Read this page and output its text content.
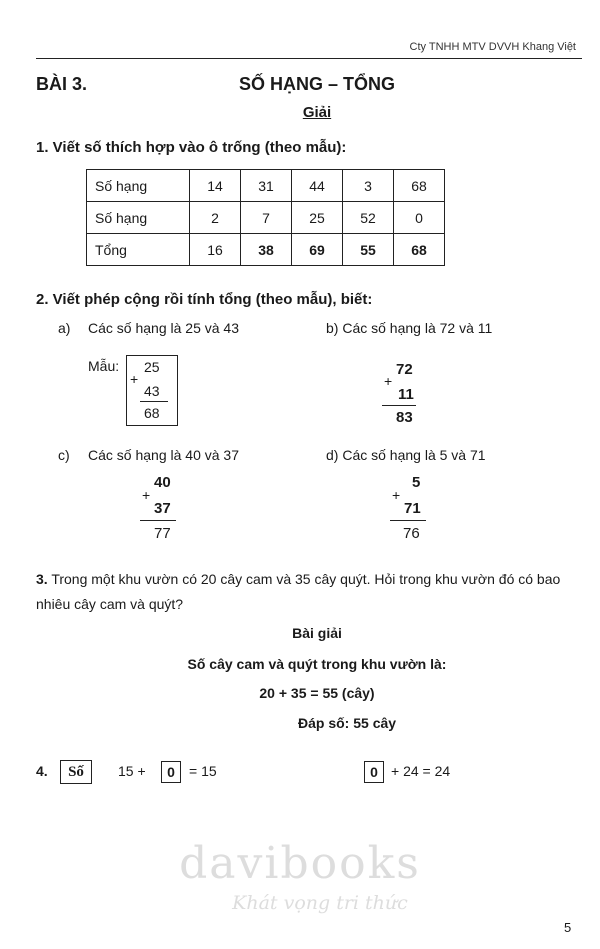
Cty TNHH MTV DVVH Khang Việt
BÀI 3.	SỐ HẠNG – TỔNG
Giải
1. Viết số thích hợp vào ô trống (theo mẫu):
Số hạng	14	31	44	3	68
Số hạng	2	7	25	52	0
Tổng	16	38	69	55	68
2. Viết phép cộng rồi tính tổng (theo mẫu), biết:
a) Các số hạng là 25 và 43	b) Các số hạng là 72 và 11
Mẫu: 25
+
43
68
72
+
11
83
c) Các số hạng là 40 và 37	d) Các số hạng là 5 và 71
40
+
37
77
5
+
71
76
3. Trong một khu vườn có 20 cây cam và 35 cây quýt. Hỏi trong khu vườn đó có bao nhiêu cây cam và quýt?
Bài giải
Số cây cam và quýt trong khu vườn là:
20 + 35 = 55 (cây)
Đáp số: 55 cây
4.	Số	15 +	0	= 15	0 + 24 = 24
davibooks
Khát vọng tri thức
5
